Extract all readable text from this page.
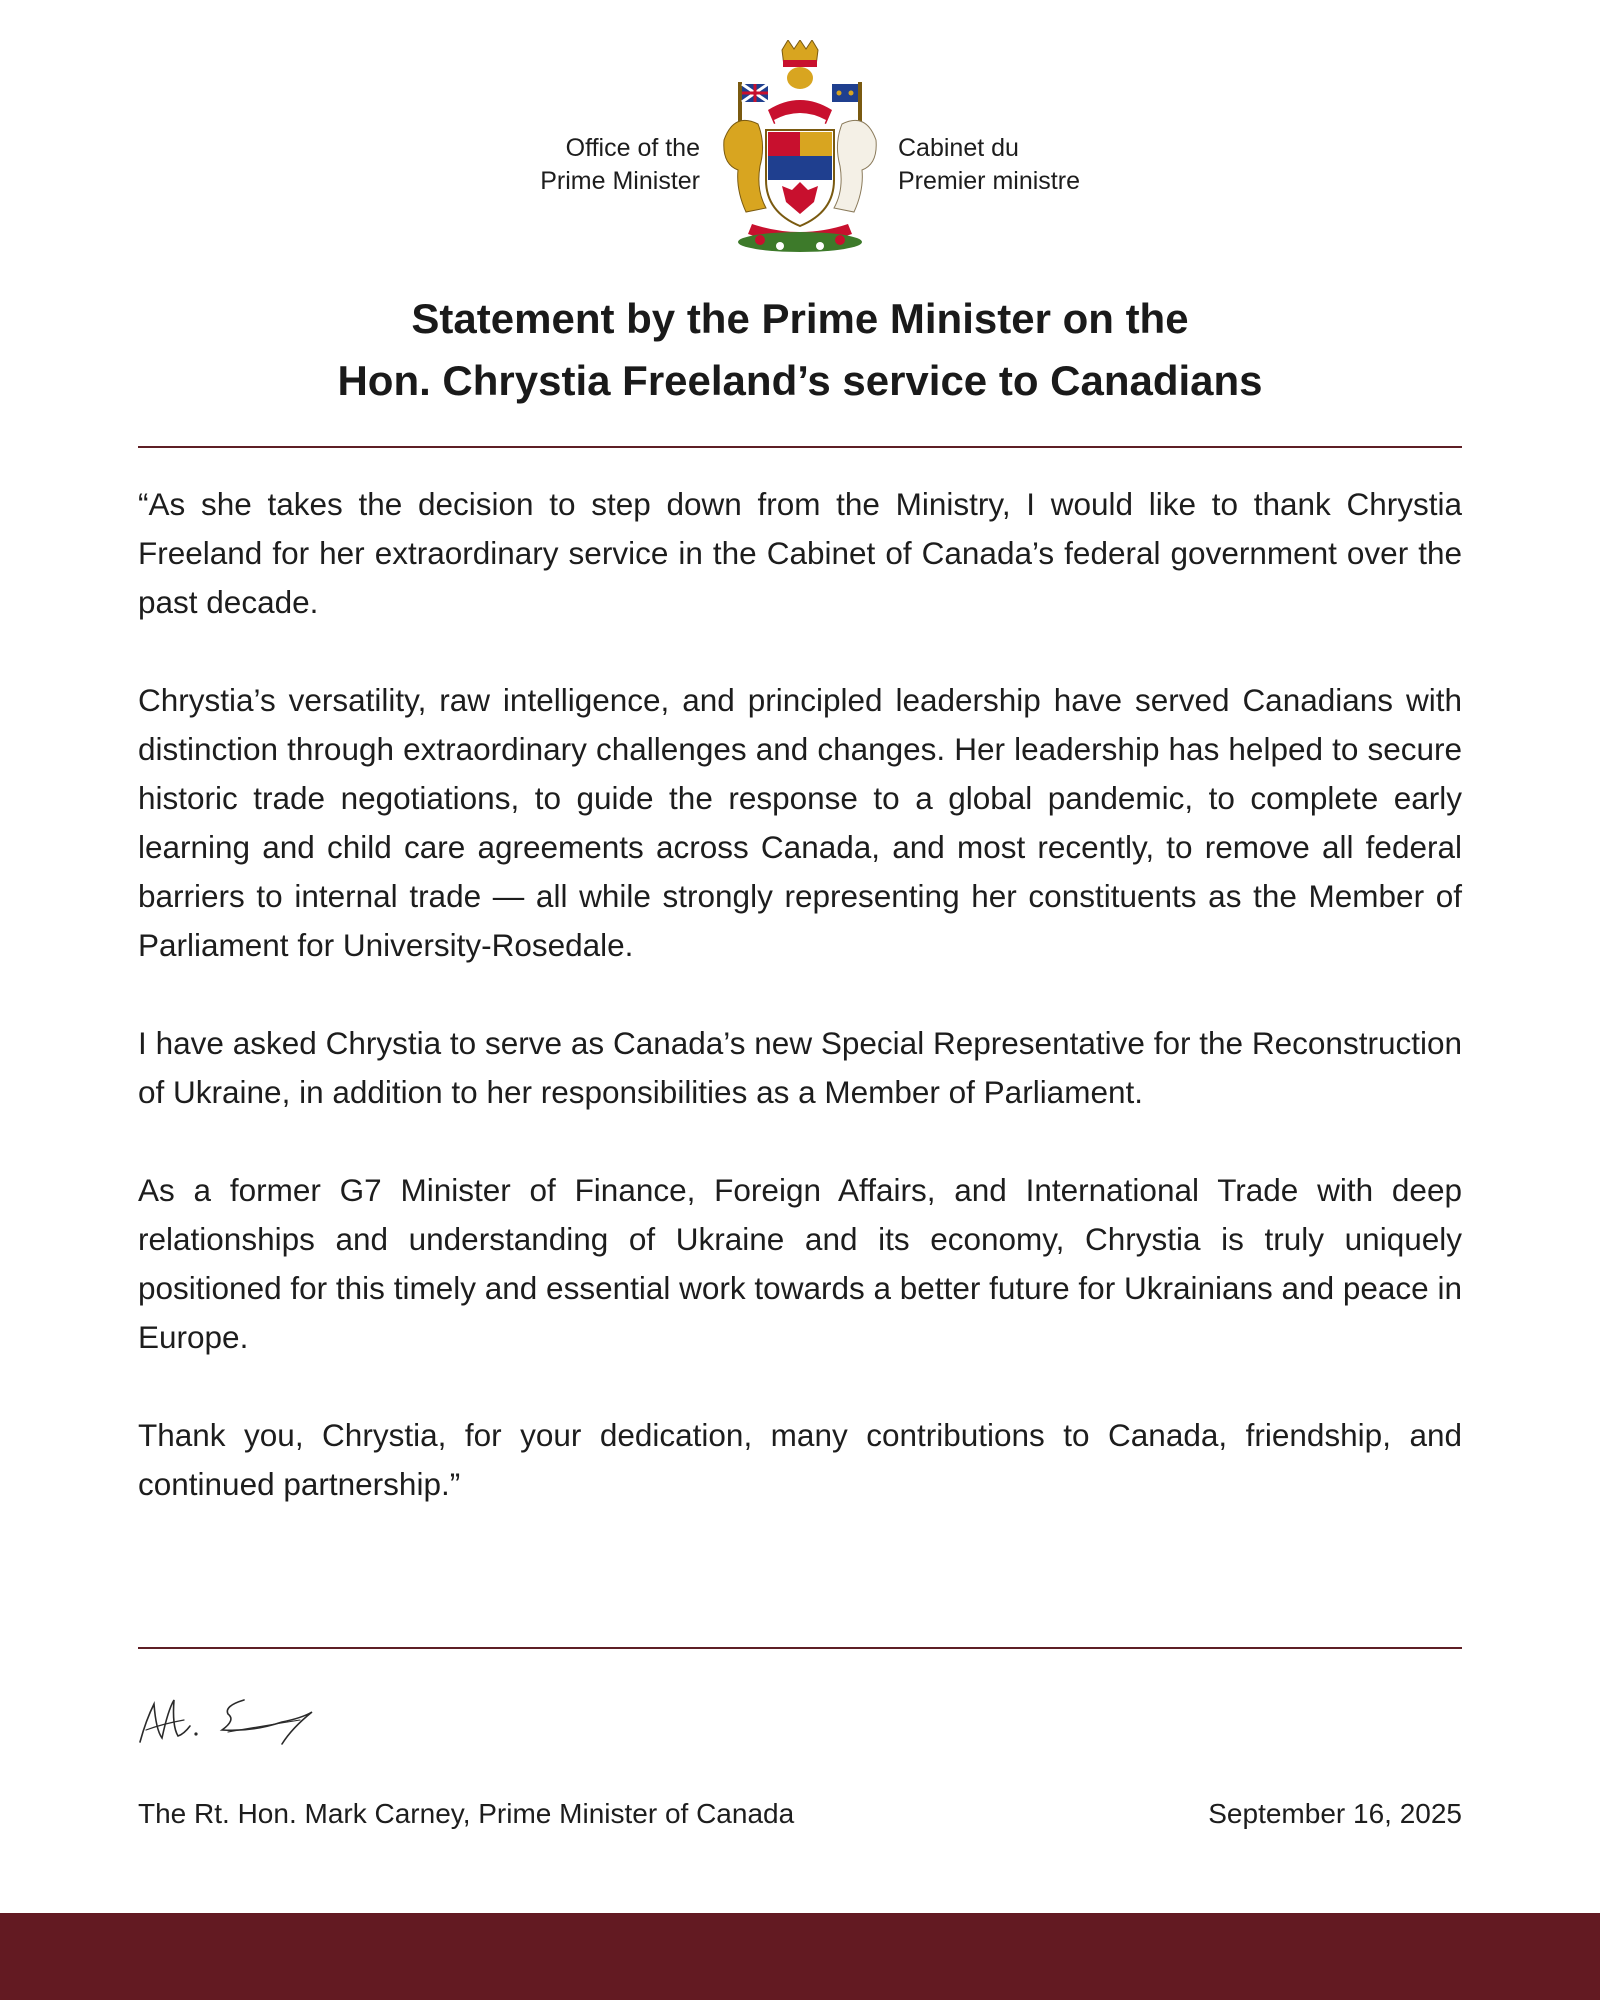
Office of the
Prime Minister
Cabinet du
Premier ministre
Statement by the Prime Minister on the
Hon. Chrystia Freeland’s service to Canadians

“As she takes the decision to step down from the Ministry, I would like to thank Chrystia Freeland for her extraordinary service in the Cabinet of Canada’s federal government over the past decade.

Chrystia’s versatility, raw intelligence, and principled leadership have served Canadians with distinction through extraordinary challenges and changes. Her leadership has helped to secure historic trade negotiations, to guide the response to a global pandemic, to complete early learning and child care agreements across Canada, and most recently, to remove all federal barriers to internal trade — all while strongly representing her constituents as the Member of Parliament for University-Rosedale.

I have asked Chrystia to serve as Canada’s new Special Representative for the Reconstruction of Ukraine, in addition to her responsibilities as a Member of Parliament.

As a former G7 Minister of Finance, Foreign Affairs, and International Trade with deep relationships and understanding of Ukraine and its economy, Chrystia is truly uniquely positioned for this timely and essential work towards a better future for Ukrainians and peace in Europe.

Thank you, Chrystia, for your dedication, many contributions to Canada, friendship, and continued partnership.”

The Rt. Hon. Mark Carney, Prime Minister of Canada	September 16, 2025
